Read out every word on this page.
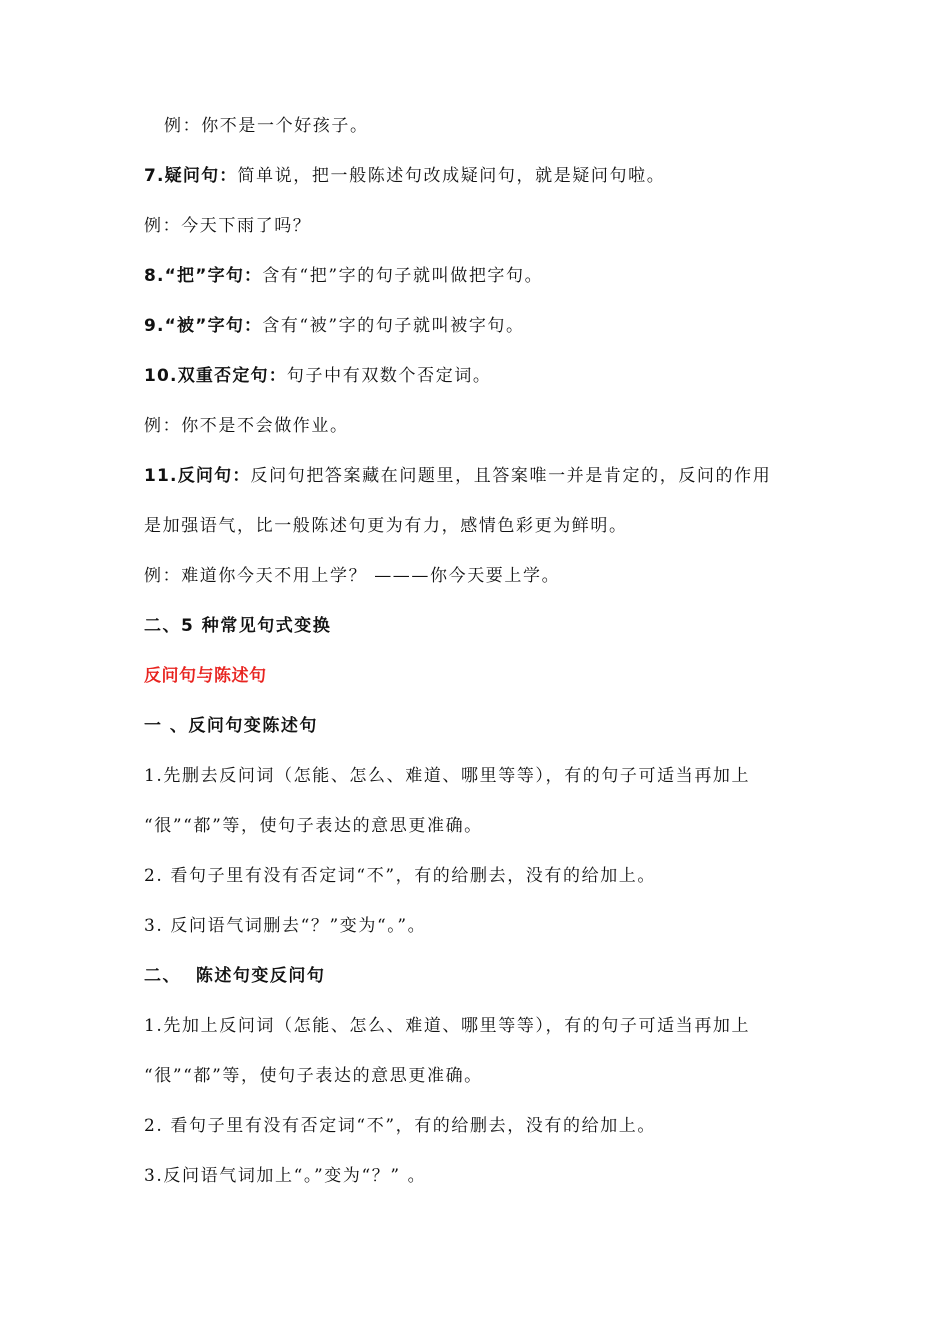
例：你不是一个好孩子。
7.疑问句：简单说，把一般陈述句改成疑问句，就是疑问句啦。
例：今天下雨了吗？
8.“把”字句：含有“把”字的句子就叫做把字句。
9.“被”字句：含有“被”字的句子就叫被字句。
10.双重否定句：句子中有双数个否定词。
例：你不是不会做作业。
11.反问句：反问句把答案藏在问题里，且答案唯一并是肯定的，反问的作用
是加强语气，比一般陈述句更为有力，感情色彩更为鲜明。
例：难道你今天不用上学？ ———你今天要上学。
二、5 种常见句式变换
反问句与陈述句
一 、反问句变陈述句
1.先删去反问词（怎能、怎么、难道、哪里等等），有的句子可适当再加上
“很”“都”等，使句子表达的意思更准确。
2. 看句子里有没有否定词“不”，有的给删去，没有的给加上。
3. 反问语气词删去“？”变为“。”。
二、  陈述句变反问句
1.先加上反问词（怎能、怎么、难道、哪里等等），有的句子可适当再加上
“很”“都”等，使句子表达的意思更准确。
2. 看句子里有没有否定词“不”，有的给删去，没有的给加上。
3.反问语气词加上“。”变为“？” 。
